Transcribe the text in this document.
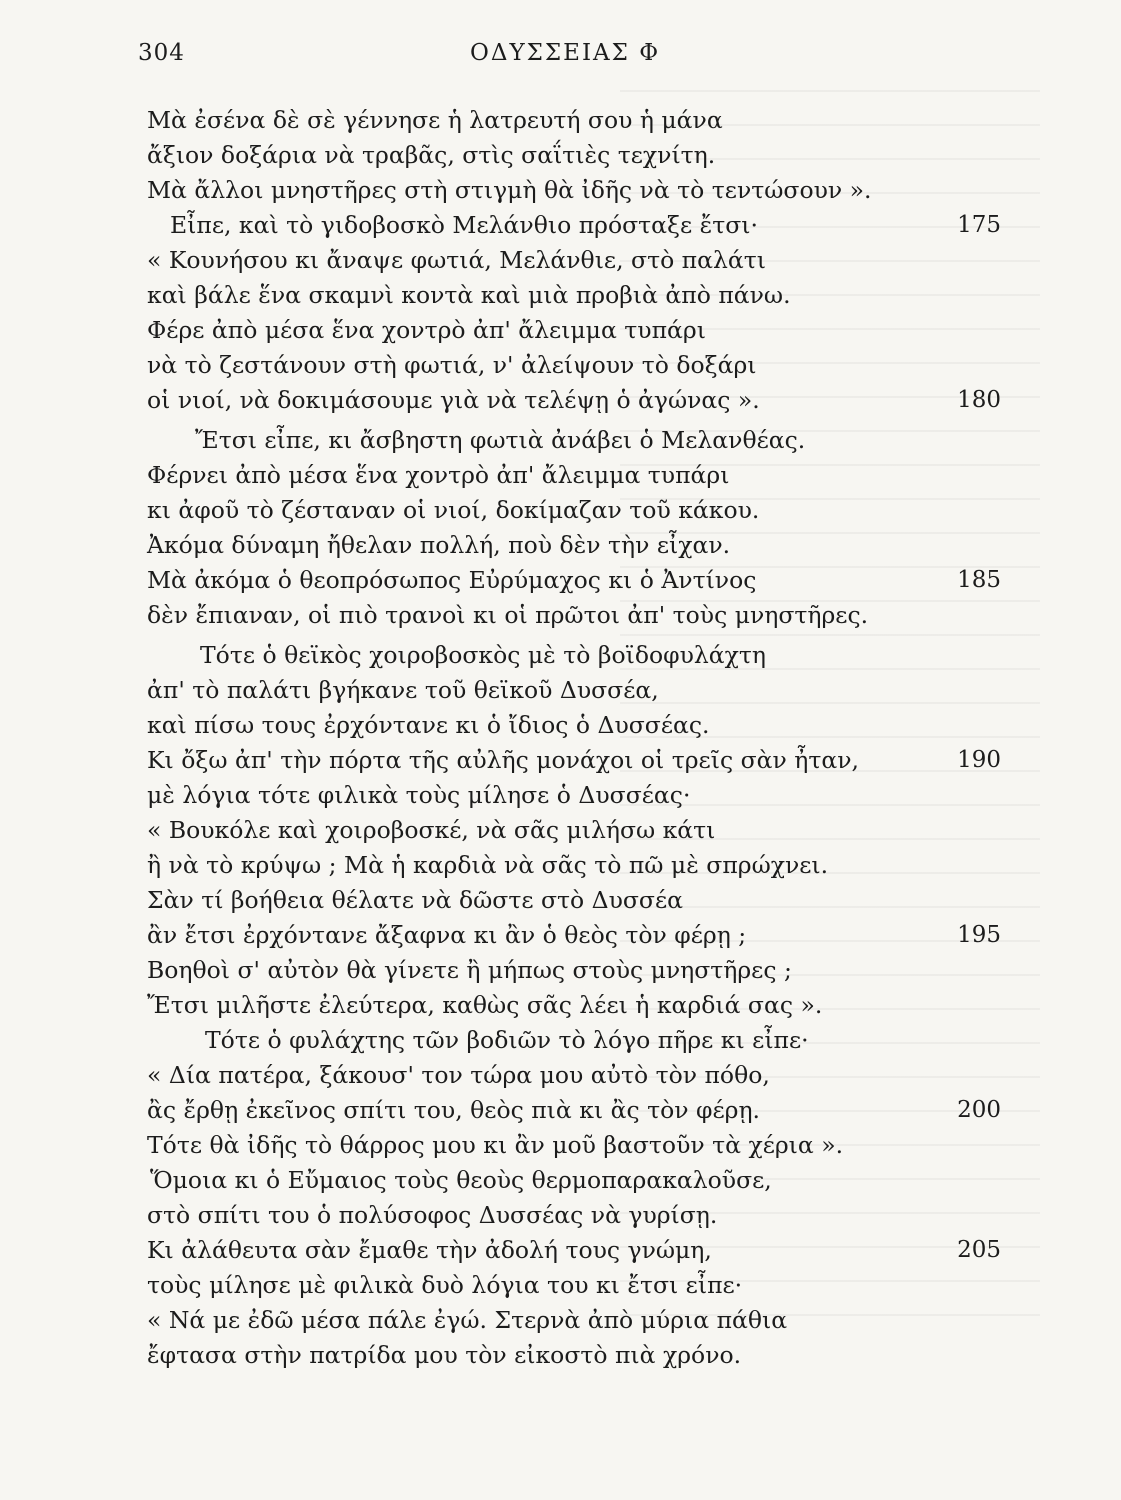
304	ΟΔΥΣΣΕΙΑΣ Φ
Μὰ ἐσένα δὲ σὲ γέννησε ἡ λατρευτή σου ἡ μάνα
ἄξιον δοξάρια νὰ τραβᾶς, στὶς σαΐτιὲς τεχνίτη.
Μὰ ἄλλοι μνηστῆρες στὴ στιγμὴ θὰ ἰδῆς νὰ τὸ τεντώσουν ».
Εἶπε, καὶ τὸ γιδοβοσκὸ Μελάνθιο πρόσταξε ἔτσι·	175
« Κουνήσου κι ἄναψε φωτιά, Μελάνθιε, στὸ παλάτι
καὶ βάλε ἕνα σκαμνὶ κοντὰ καὶ μιὰ προβιὰ ἀπὸ πάνω.
Φέρε ἀπὸ μέσα ἕνα χοντρὸ ἀπ' ἄλειμμα τυπάρι
νὰ τὸ ζεστάνουν στὴ φωτιά, ν' ἀλείψουν τὸ δοξάρι
οἱ νιοί, νὰ δοκιμάσουμε γιὰ νὰ τελέψῃ ὁ ἀγώνας ».	180
Ἔτσι εἶπε, κι ἄσβηστη φωτιὰ ἀνάβει ὁ Μελανθέας.
Φέρνει ἀπὸ μέσα ἕνα χοντρὸ ἀπ' ἄλειμμα τυπάρι
κι ἀφοῦ τὸ ζέσταναν οἱ νιοί, δοκίμαζαν τοῦ κάκου.
Ἀκόμα δύναμη ἤθελαν πολλή, ποὺ δὲν τὴν εἶχαν.
Μὰ ἀκόμα ὁ θεοπρόσωπος Εὐρύμαχος κι ὁ Ἀντίνος	185
δὲν ἔπιαναν, οἱ πιὸ τρανοὶ κι οἱ πρῶτοι ἀπ' τοὺς μνηστῆρες.
Τότε ὁ θεϊκὸς χοιροβοσκὸς μὲ τὸ βοϊδοφυλάχτη
ἀπ' τὸ παλάτι βγήκανε τοῦ θεϊκοῦ Δυσσέα,
καὶ πίσω τους ἐρχόντανε κι ὁ ἴδιος ὁ Δυσσέας.
Κι ὄξω ἀπ' τὴν πόρτα τῆς αὐλῆς μονάχοι οἱ τρεῖς σὰν ἦταν,	190
μὲ λόγια τότε φιλικὰ τοὺς μίλησε ὁ Δυσσέας·
« Βουκόλε καὶ χοιροβοσκέ, νὰ σᾶς μιλήσω κάτι
ἢ νὰ τὸ κρύψω ; Μὰ ἡ καρδιὰ νὰ σᾶς τὸ πῶ μὲ σπρώχνει.
Σὰν τί βοήθεια θέλατε νὰ δῶστε στὸ Δυσσέα
ἂν ἔτσι ἐρχόντανε ἄξαφνα κι ἂν ὁ θεὸς τὸν φέρῃ ;	195
Βοηθοὶ σ' αὐτὸν θὰ γίνετε ἢ μήπως στοὺς μνηστῆρες ;
Ἔτσι μιλῆστε ἐλεύτερα, καθὼς σᾶς λέει ἡ καρδιά σας ».
Τότε ὁ φυλάχτης τῶν βοδιῶν τὸ λόγο πῆρε κι εἶπε·
« Δία πατέρα, ξάκουσ' τον τώρα μου αὐτὸ τὸν πόθο,
ἂς ἔρθῃ ἐκεῖνος σπίτι του, θεὸς πιὰ κι ἂς τὸν φέρῃ.	200
Τότε θὰ ἰδῆς τὸ θάρρος μου κι ἂν μοῦ βαστοῦν τὰ χέρια ».
Ὅμοια κι ὁ Εὔμαιος τοὺς θεοὺς θερμοπαρακαλοῦσε,
στὸ σπίτι του ὁ πολύσοφος Δυσσέας νὰ γυρίσῃ.
Κι ἀλάθευτα σὰν ἔμαθε τὴν ἀδολή τους γνώμη,	205
τοὺς μίλησε μὲ φιλικὰ δυὸ λόγια του κι ἔτσι εἶπε·
« Νά με ἐδῶ μέσα πάλε ἐγώ. Στερνὰ ἀπὸ μύρια πάθια
ἔφτασα στὴν πατρίδα μου τὸν εἰκοστὸ πιὰ χρόνο.
